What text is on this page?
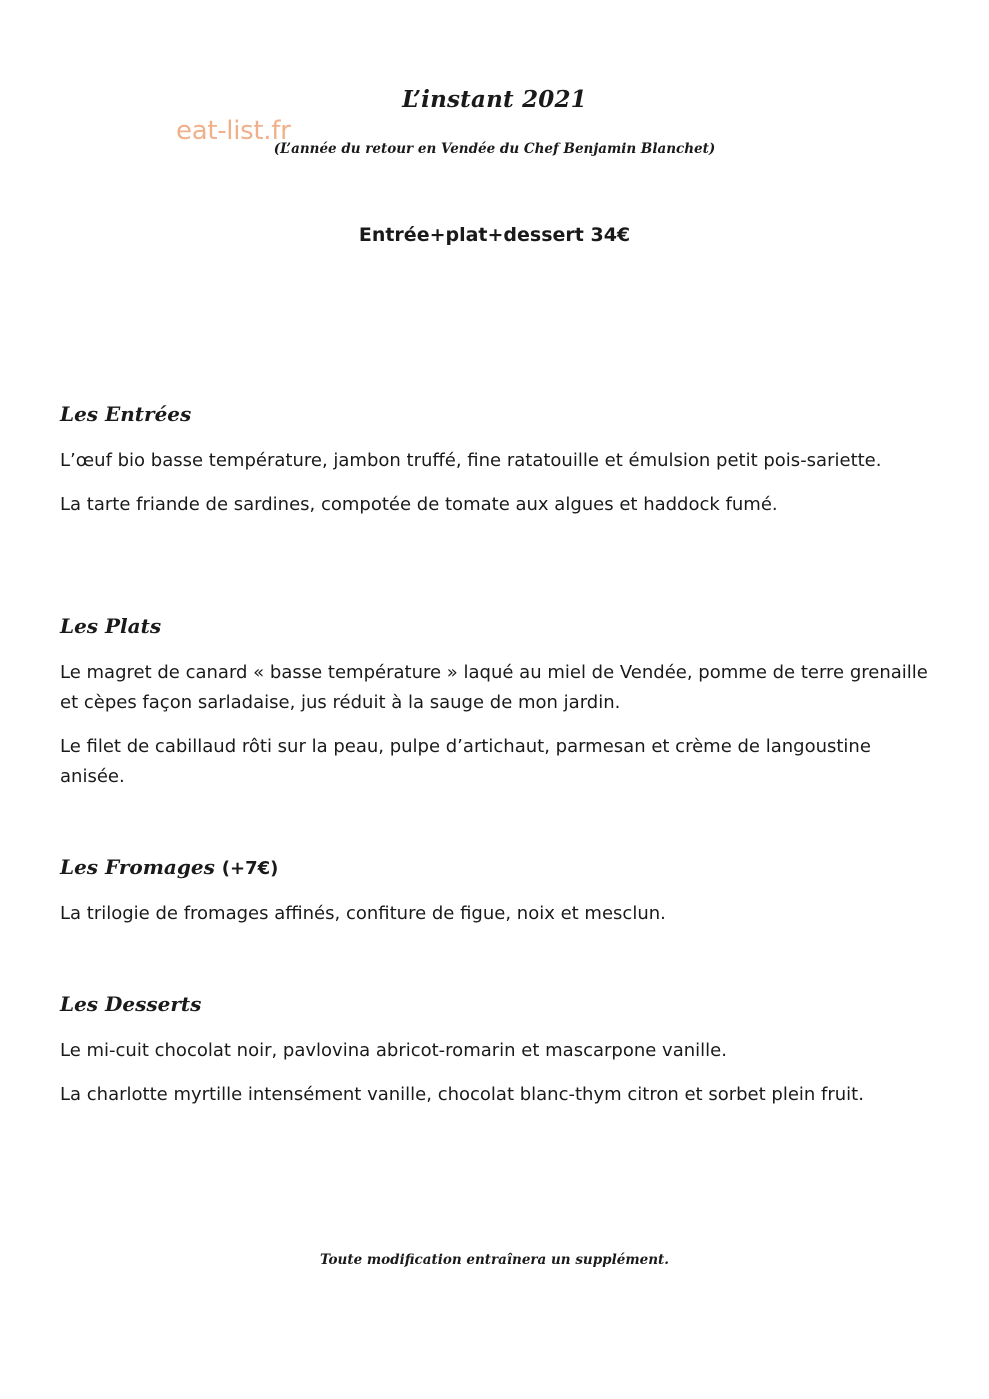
L’instant 2021
eat-list.fr
(L’année du retour en Vendée du Chef Benjamin Blanchet)
Entrée+plat+dessert 34€
Les Entrées

L’œuf bio basse température, jambon truffé, fine ratatouille et émulsion petit pois-sariette.

La tarte friande de sardines, compotée de tomate aux algues et haddock fumé.

Les Plats

Le magret de canard « basse température » laqué au miel de Vendée, pomme de terre grenaille et cèpes façon sarladaise, jus réduit à la sauge de mon jardin.

Le filet de cabillaud rôti sur la peau, pulpe d’artichaut, parmesan et crème de langoustine anisée.

Les Fromages (+7€)

La trilogie de fromages affinés, confiture de figue, noix et mesclun.

Les Desserts

Le mi-cuit chocolat noir, pavlovina abricot-romarin et mascarpone vanille.

La charlotte myrtille intensément vanille, chocolat blanc-thym citron et sorbet plein fruit.

Toute modification entraînera un supplément.
